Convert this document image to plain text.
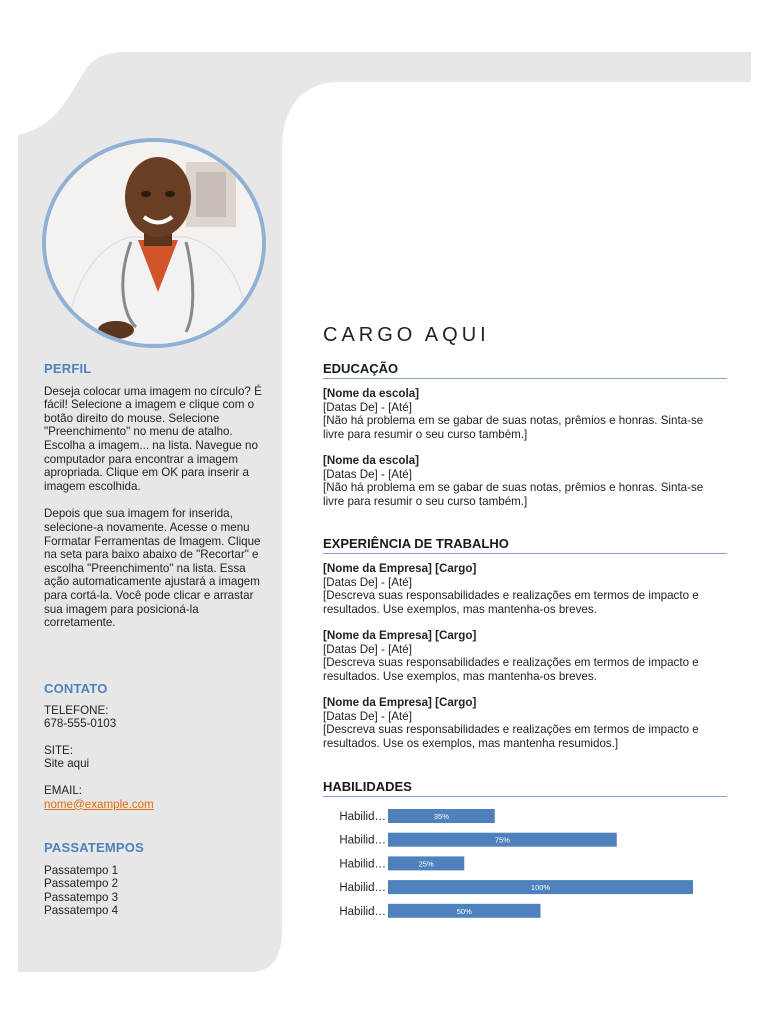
PERFIL

Deseja colocar uma imagem no círculo? É fácil! Selecione a imagem e clique com o botão direito do mouse. Selecione "Preenchimento" no menu de atalho. Escolha a imagem... na lista. Navegue no computador para encontrar a imagem apropriada. Clique em OK para inserir a imagem escolhida.

Depois que sua imagem for inserida, selecione-a novamente. Acesse o menu Formatar Ferramentas de Imagem. Clique na seta para baixo abaixo de "Recortar" e escolha "Preenchimento" na lista. Essa ação automaticamente ajustará a imagem para cortá-la. Você pode clicar e arrastar sua imagem para posicioná-la corretamente.

CONTATO

TELEFONE:

678-555-0103

SITE:

Site aqui

EMAIL:

nome@example.com

PASSATEMPOS

Passatempo 1

Passatempo 2

Passatempo 3

Passatempo 4

CARGO AQUI
EDUCAÇÃO
[Nome da escola]
[Datas De] - [Até]
[Não há problema em se gabar de suas notas, prêmios e honras. Sinta-se livre para resumir o seu curso também.]
[Nome da escola]
[Datas De] - [Até]
[Não há problema em se gabar de suas notas, prêmios e honras. Sinta-se livre para resumir o seu curso também.]
EXPERIÊNCIA DE TRABALHO
[Nome da Empresa] [Cargo]
[Datas De] - [Até]
[Descreva suas responsabilidades e realizações em termos de impacto e resultados. Use exemplos, mas mantenha-os breves.
[Nome da Empresa] [Cargo]
[Datas De] - [Até]
[Descreva suas responsabilidades e realizações em termos de impacto e resultados. Use exemplos, mas mantenha-os breves.
[Nome da Empresa] [Cargo]
[Datas De] - [Até]
[Descreva suas responsabilidades e realizações em termos de impacto e resultados. Use os exemplos, mas mantenha resumidos.]
HABILIDADES
Habilid…	35%
Habilid…	75%
Habilid…	25%
Habilid…	100%
Habilid…	50%
